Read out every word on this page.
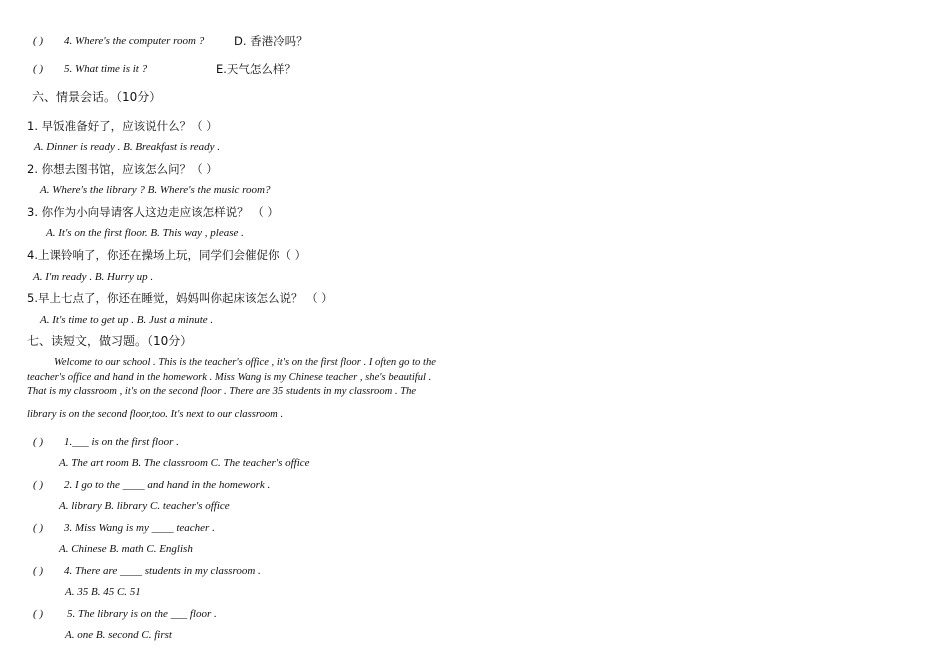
( ) 4. Where's the computer room ?	D. 香港冷吗？
( ) 5. What time is it ?	E.天气怎么样？
六、情景会话。（10分）
1. 早饭准备好了，应该说什么？（ ）
A. Dinner is ready . B. Breakfast is ready .
2. 你想去图书馆，应该怎么问？（ ）
A. Where's the library ? B. Where's the music room?
3. 你作为小向导请客人这边走应该怎样说？ （ ）
A. It's on the first floor. B. This way , please .
4.上课铃响了，你还在操场上玩，同学们会催促你（ ）
A. I'm ready . B. Hurry up .
5.早上七点了，你还在睡觉，妈妈叫你起床该怎么说？ （ ）
A. It's time to get up . B. Just a minute .
七、读短文，做习题。（10分）
Welcome to our school . This is the teacher's office , it's on the first floor . I often go to the
teacher's office and hand in the homework . Miss Wang is my Chinese teacher , she's beautiful .
That is my classroom , it's on the second floor . There are 35 students in my classroom . The
library is on the second floor,too. It's next to our classroom .
( ) 1.___ is on the first floor .
A. The art room B. The classroom C. The teacher's office
( ) 2. I go to the ____ and hand in the homework .
A. library B. library C. teacher's office
( ) 3. Miss Wang is my ____ teacher .
A. Chinese B. math C. English
( ) 4. There are ____ students in my classroom .
A. 35 B. 45 C. 51
( ) 5. The library is on the ___ floor .
A. one B. second C. first
